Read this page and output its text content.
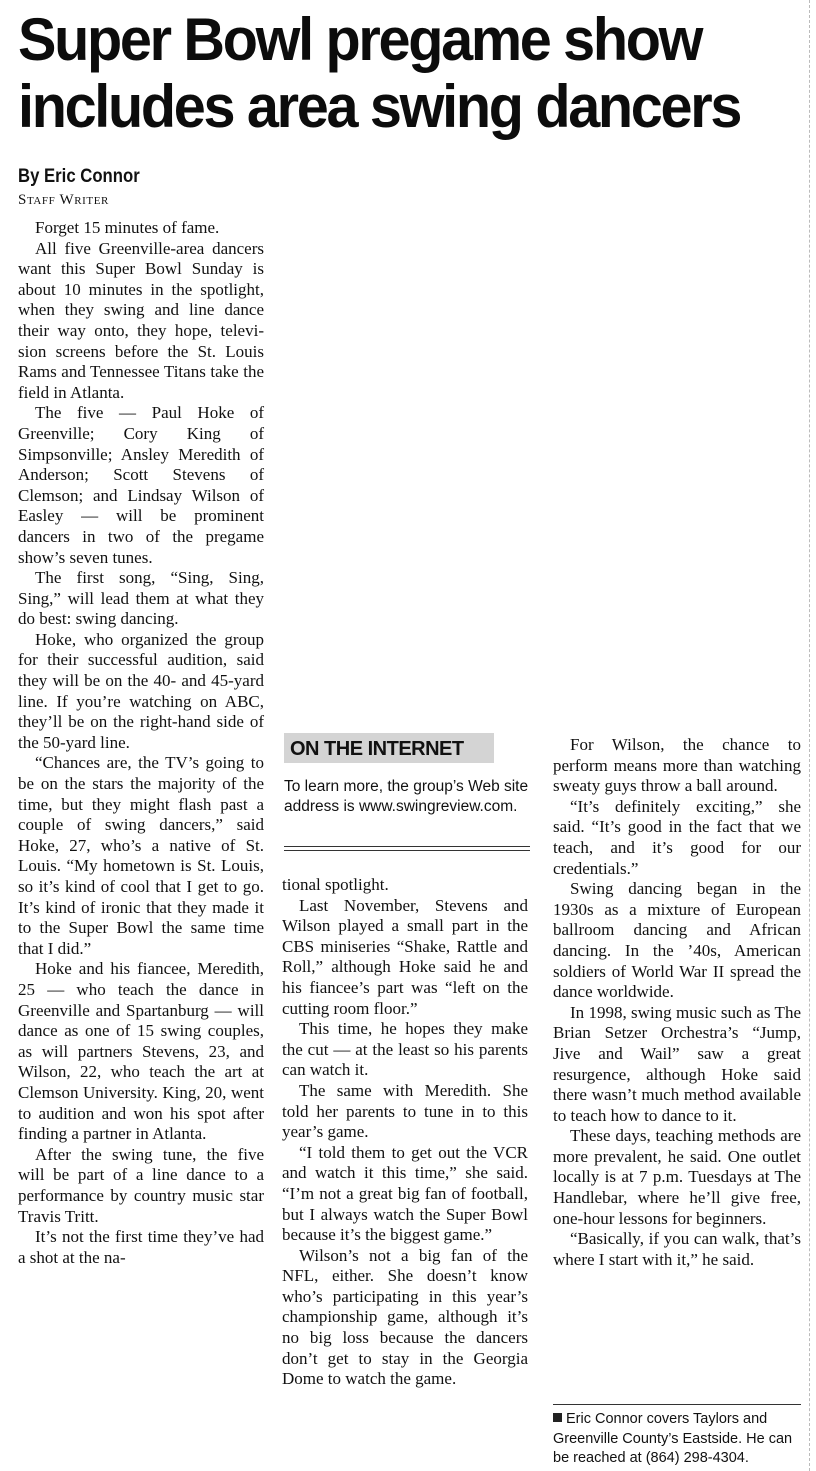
Super Bowl pregame show
includes area swing dancers
By Eric Connor
Staff Writer

Forget 15 minutes of fame.

All five Greenville-area dancers want this Super Bowl Sunday is about 10 minutes in the spotlight, when they swing and line dance their way onto, they hope, television screens before the St. Louis Rams and Tennessee Titans take the field in Atlanta.

The five — Paul Hoke of Greenville; Cory King of Simpsonville; Ansley Meredith of Anderson; Scott Stevens of Clemson; and Lindsay Wilson of Easley — will be prominent dancers in two of the pregame show’s seven tunes.

The first song, “Sing, Sing, Sing,” will lead them at what they do best: swing dancing.

Hoke, who organized the group for their successful audition, said they will be on the 40- and 45-yard line. If you’re watching on ABC, they’ll be on the right-hand side of the 50-yard line.

“Chances are, the TV’s going to be on the stars the majority of the time, but they might flash past a couple of swing dancers,” said Hoke, 27, who’s a native of St. Louis. “My hometown is St. Louis, so it’s kind of cool that I get to go. It’s kind of ironic that they made it to the Super Bowl the same time that I did.”

Hoke and his fiancee, Meredith, 25 — who teach the dance in Greenville and Spartanburg — will dance as one of 15 swing couples, as will partners Stevens, 23, and Wilson, 22, who teach the art at Clemson University. King, 20, went to audition and won his spot after finding a partner in Atlanta.

After the swing tune, the five will be part of a line dance to a performance by country music star Travis Tritt.

It’s not the first time they’ve had a shot at the na-

ON THE INTERNET
To learn more, the group’s Web site address is www.swingreview.com.

tional spotlight.

Last November, Stevens and Wilson played a small part in the CBS miniseries “Shake, Rattle and Roll,” although Hoke said he and his fiancee’s part was “left on the cutting room floor.”

This time, he hopes they make the cut — at the least so his parents can watch it.

The same with Meredith. She told her parents to tune in to this year’s game.

“I told them to get out the VCR and watch it this time,” she said. “I’m not a great big fan of football, but I always watch the Super Bowl because it’s the biggest game.”

Wilson’s not a big fan of the NFL, either. She doesn’t know who’s participating in this year’s championship game, although it’s no big loss because the dancers don’t get to stay in the Georgia Dome to watch the game.

For Wilson, the chance to perform means more than watching sweaty guys throw a ball around.

“It’s definitely exciting,” she said. “It’s good in the fact that we teach, and it’s good for our credentials.”

Swing dancing began in the 1930s as a mixture of European ballroom dancing and African dancing. In the ’40s, American soldiers of World War II spread the dance worldwide.

In 1998, swing music such as The Brian Setzer Orchestra’s “Jump, Jive and Wail” saw a great resurgence, although Hoke said there wasn’t much method available to teach how to dance to it.

These days, teaching methods are more prevalent, he said. One outlet locally is at 7 p.m. Tuesdays at The Handlebar, where he’ll give free, one-hour lessons for beginners.

“Basically, if you can walk, that’s where I start with it,” he said.

Eric Connor covers Taylors and Greenville County’s Eastside. He can be reached at (864) 298-4304.
